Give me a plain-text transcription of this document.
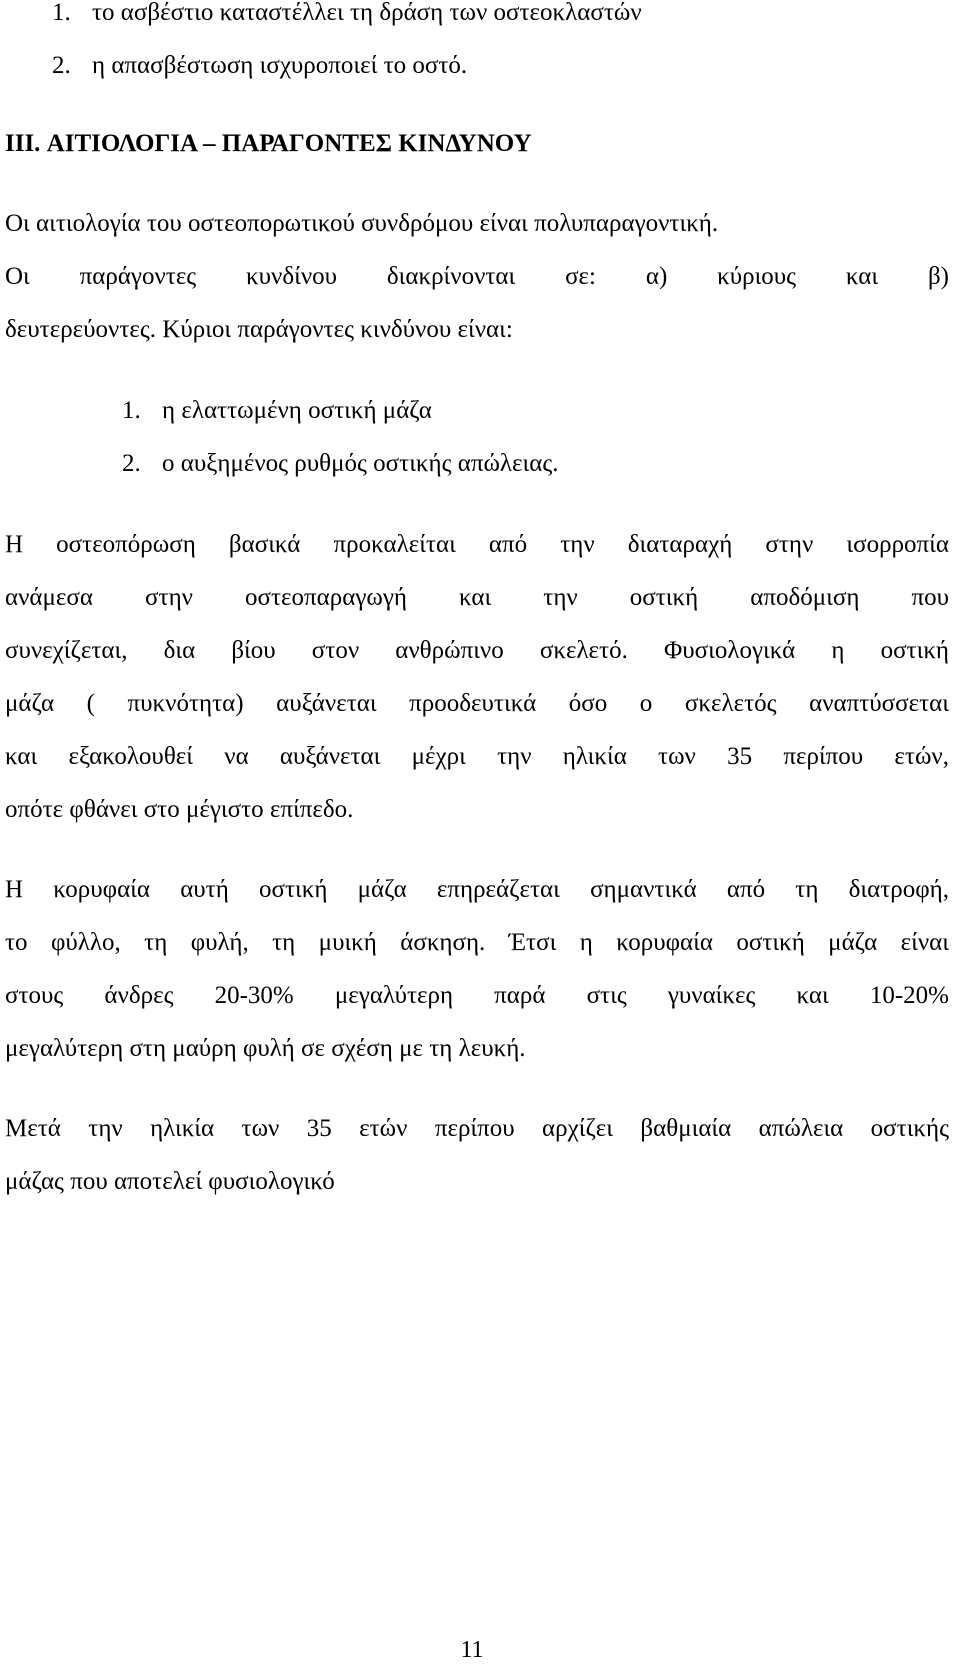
1. το ασβέστιο καταστέλλει τη δράση των οστεοκλαστών
2. η απασβέστωση ισχυροποιεί το οστό.
III. ΑΙΤΙΟΛΟΓΙΑ – ΠΑΡΑΓΟΝΤΕΣ ΚΙΝΔΥΝΟΥ
Οι αιτιολογία του οστεοπορωτικού συνδρόμου είναι πολυπαραγοντική.
Οι παράγοντες κυνδίνου διακρίνονται σε: α) κύριους και β)
δευτερεύοντες. Κύριοι παράγοντες κινδύνου είναι:
1. η ελαττωμένη οστική μάζα
2. ο αυξημένος ρυθμός οστικής απώλειας.
Η οστεοπόρωση βασικά προκαλείται από την διαταραχή στην ισορροπία
ανάμεσα στην οστεοπαραγωγή και την οστική αποδόμιση που
συνεχίζεται, δια βίου στον ανθρώπινο σκελετό. Φυσιολογικά η οστική
μάζα ( πυκνότητα) αυξάνεται προοδευτικά όσο ο σκελετός αναπτύσσεται
και εξακολουθεί να αυξάνεται μέχρι την ηλικία των 35 περίπου ετών,
οπότε φθάνει στο μέγιστο επίπεδο.
Η κορυφαία αυτή οστική μάζα επηρεάζεται σημαντικά από τη διατροφή,
το φύλλο, τη φυλή, τη μυική άσκηση. Έτσι η κορυφαία οστική μάζα είναι
στους άνδρες 20-30% μεγαλύτερη παρά στις γυναίκες και 10-20%
μεγαλύτερη στη μαύρη φυλή σε σχέση με τη λευκή.
Μετά την ηλικία των 35 ετών περίπου αρχίζει βαθμιαία απώλεια οστικής
μάζας που αποτελεί φυσιολογικό
11
